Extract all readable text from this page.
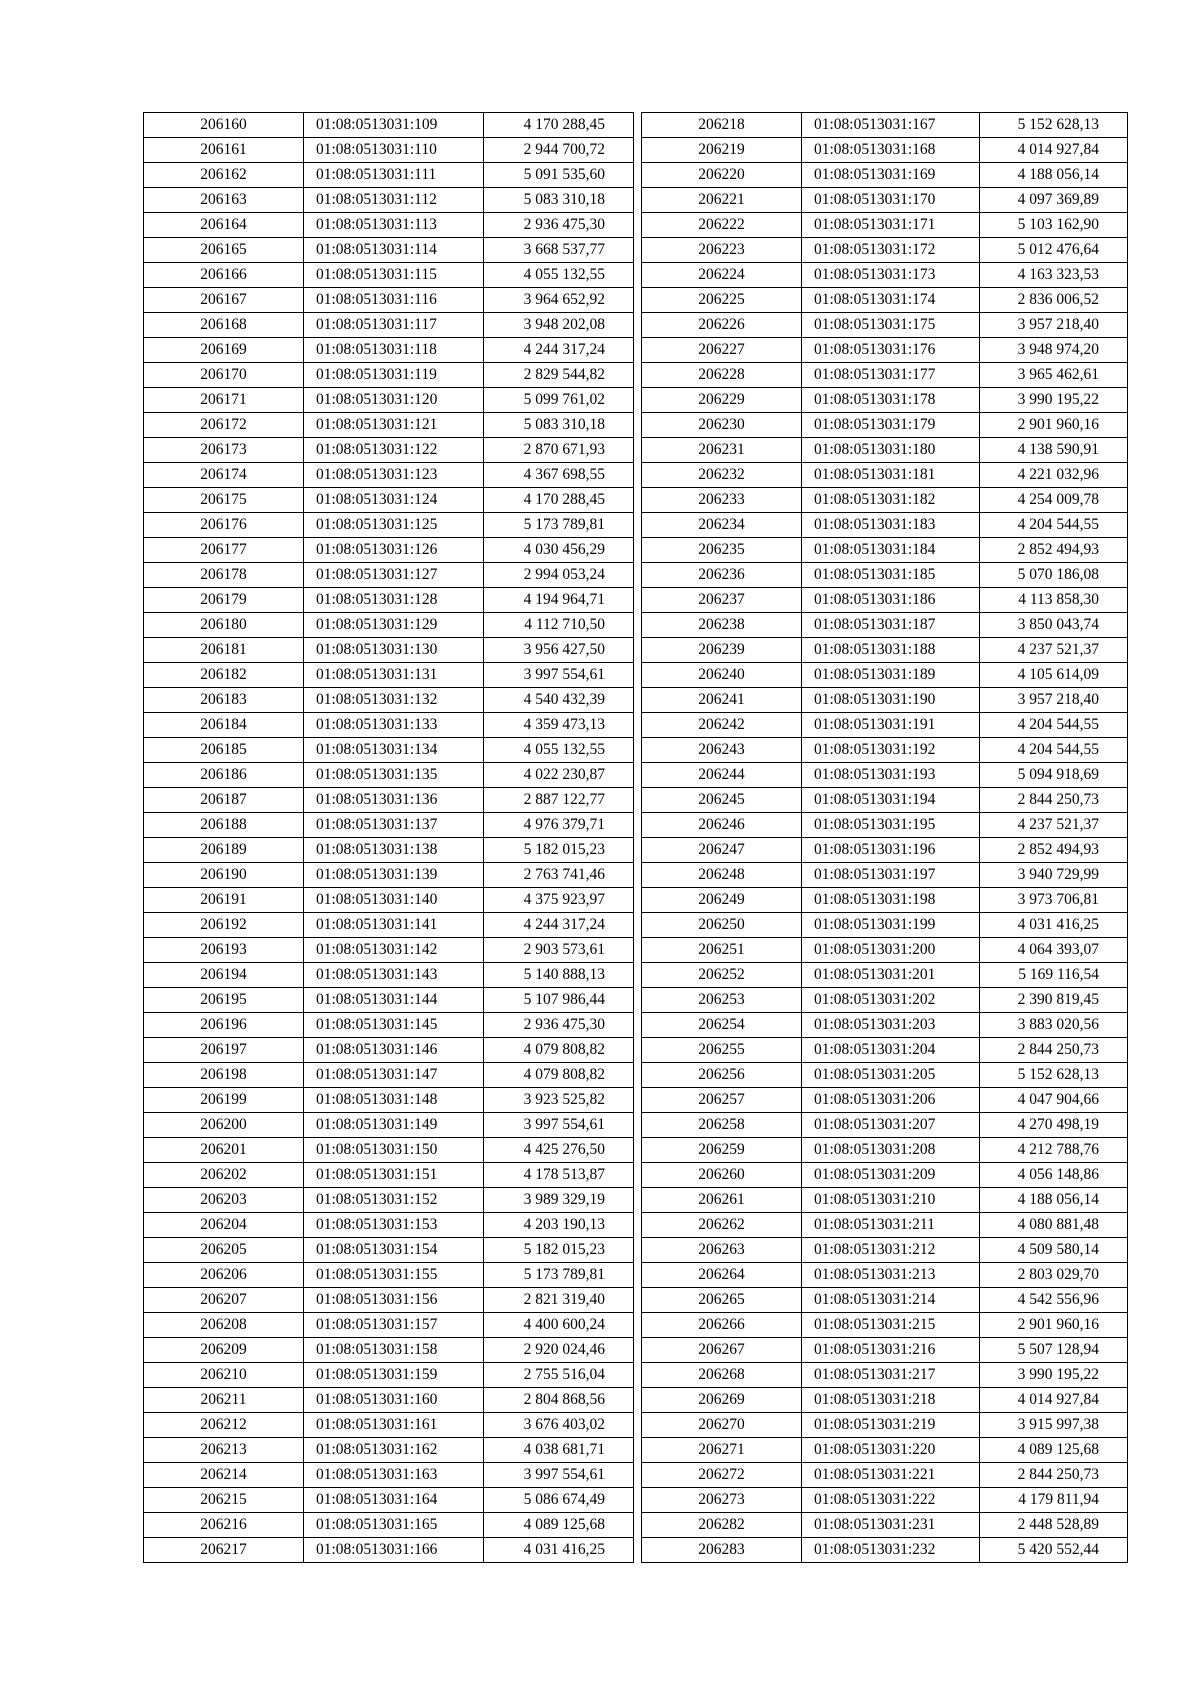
206160	01:08:0513031:109	4 170 288,45
206161	01:08:0513031:110	2 944 700,72
206162	01:08:0513031:111	5 091 535,60
206163	01:08:0513031:112	5 083 310,18
206164	01:08:0513031:113	2 936 475,30
206165	01:08:0513031:114	3 668 537,77
206166	01:08:0513031:115	4 055 132,55
206167	01:08:0513031:116	3 964 652,92
206168	01:08:0513031:117	3 948 202,08
206169	01:08:0513031:118	4 244 317,24
206170	01:08:0513031:119	2 829 544,82
206171	01:08:0513031:120	5 099 761,02
206172	01:08:0513031:121	5 083 310,18
206173	01:08:0513031:122	2 870 671,93
206174	01:08:0513031:123	4 367 698,55
206175	01:08:0513031:124	4 170 288,45
206176	01:08:0513031:125	5 173 789,81
206177	01:08:0513031:126	4 030 456,29
206178	01:08:0513031:127	2 994 053,24
206179	01:08:0513031:128	4 194 964,71
206180	01:08:0513031:129	4 112 710,50
206181	01:08:0513031:130	3 956 427,50
206182	01:08:0513031:131	3 997 554,61
206183	01:08:0513031:132	4 540 432,39
206184	01:08:0513031:133	4 359 473,13
206185	01:08:0513031:134	4 055 132,55
206186	01:08:0513031:135	4 022 230,87
206187	01:08:0513031:136	2 887 122,77
206188	01:08:0513031:137	4 976 379,71
206189	01:08:0513031:138	5 182 015,23
206190	01:08:0513031:139	2 763 741,46
206191	01:08:0513031:140	4 375 923,97
206192	01:08:0513031:141	4 244 317,24
206193	01:08:0513031:142	2 903 573,61
206194	01:08:0513031:143	5 140 888,13
206195	01:08:0513031:144	5 107 986,44
206196	01:08:0513031:145	2 936 475,30
206197	01:08:0513031:146	4 079 808,82
206198	01:08:0513031:147	4 079 808,82
206199	01:08:0513031:148	3 923 525,82
206200	01:08:0513031:149	3 997 554,61
206201	01:08:0513031:150	4 425 276,50
206202	01:08:0513031:151	4 178 513,87
206203	01:08:0513031:152	3 989 329,19
206204	01:08:0513031:153	4 203 190,13
206205	01:08:0513031:154	5 182 015,23
206206	01:08:0513031:155	5 173 789,81
206207	01:08:0513031:156	2 821 319,40
206208	01:08:0513031:157	4 400 600,24
206209	01:08:0513031:158	2 920 024,46
206210	01:08:0513031:159	2 755 516,04
206211	01:08:0513031:160	2 804 868,56
206212	01:08:0513031:161	3 676 403,02
206213	01:08:0513031:162	4 038 681,71
206214	01:08:0513031:163	3 997 554,61
206215	01:08:0513031:164	5 086 674,49
206216	01:08:0513031:165	4 089 125,68
206217	01:08:0513031:166	4 031 416,25
206218	01:08:0513031:167	5 152 628,13
206219	01:08:0513031:168	4 014 927,84
206220	01:08:0513031:169	4 188 056,14
206221	01:08:0513031:170	4 097 369,89
206222	01:08:0513031:171	5 103 162,90
206223	01:08:0513031:172	5 012 476,64
206224	01:08:0513031:173	4 163 323,53
206225	01:08:0513031:174	2 836 006,52
206226	01:08:0513031:175	3 957 218,40
206227	01:08:0513031:176	3 948 974,20
206228	01:08:0513031:177	3 965 462,61
206229	01:08:0513031:178	3 990 195,22
206230	01:08:0513031:179	2 901 960,16
206231	01:08:0513031:180	4 138 590,91
206232	01:08:0513031:181	4 221 032,96
206233	01:08:0513031:182	4 254 009,78
206234	01:08:0513031:183	4 204 544,55
206235	01:08:0513031:184	2 852 494,93
206236	01:08:0513031:185	5 070 186,08
206237	01:08:0513031:186	4 113 858,30
206238	01:08:0513031:187	3 850 043,74
206239	01:08:0513031:188	4 237 521,37
206240	01:08:0513031:189	4 105 614,09
206241	01:08:0513031:190	3 957 218,40
206242	01:08:0513031:191	4 204 544,55
206243	01:08:0513031:192	4 204 544,55
206244	01:08:0513031:193	5 094 918,69
206245	01:08:0513031:194	2 844 250,73
206246	01:08:0513031:195	4 237 521,37
206247	01:08:0513031:196	2 852 494,93
206248	01:08:0513031:197	3 940 729,99
206249	01:08:0513031:198	3 973 706,81
206250	01:08:0513031:199	4 031 416,25
206251	01:08:0513031:200	4 064 393,07
206252	01:08:0513031:201	5 169 116,54
206253	01:08:0513031:202	2 390 819,45
206254	01:08:0513031:203	3 883 020,56
206255	01:08:0513031:204	2 844 250,73
206256	01:08:0513031:205	5 152 628,13
206257	01:08:0513031:206	4 047 904,66
206258	01:08:0513031:207	4 270 498,19
206259	01:08:0513031:208	4 212 788,76
206260	01:08:0513031:209	4 056 148,86
206261	01:08:0513031:210	4 188 056,14
206262	01:08:0513031:211	4 080 881,48
206263	01:08:0513031:212	4 509 580,14
206264	01:08:0513031:213	2 803 029,70
206265	01:08:0513031:214	4 542 556,96
206266	01:08:0513031:215	2 901 960,16
206267	01:08:0513031:216	5 507 128,94
206268	01:08:0513031:217	3 990 195,22
206269	01:08:0513031:218	4 014 927,84
206270	01:08:0513031:219	3 915 997,38
206271	01:08:0513031:220	4 089 125,68
206272	01:08:0513031:221	2 844 250,73
206273	01:08:0513031:222	4 179 811,94
206282	01:08:0513031:231	2 448 528,89
206283	01:08:0513031:232	5 420 552,44
